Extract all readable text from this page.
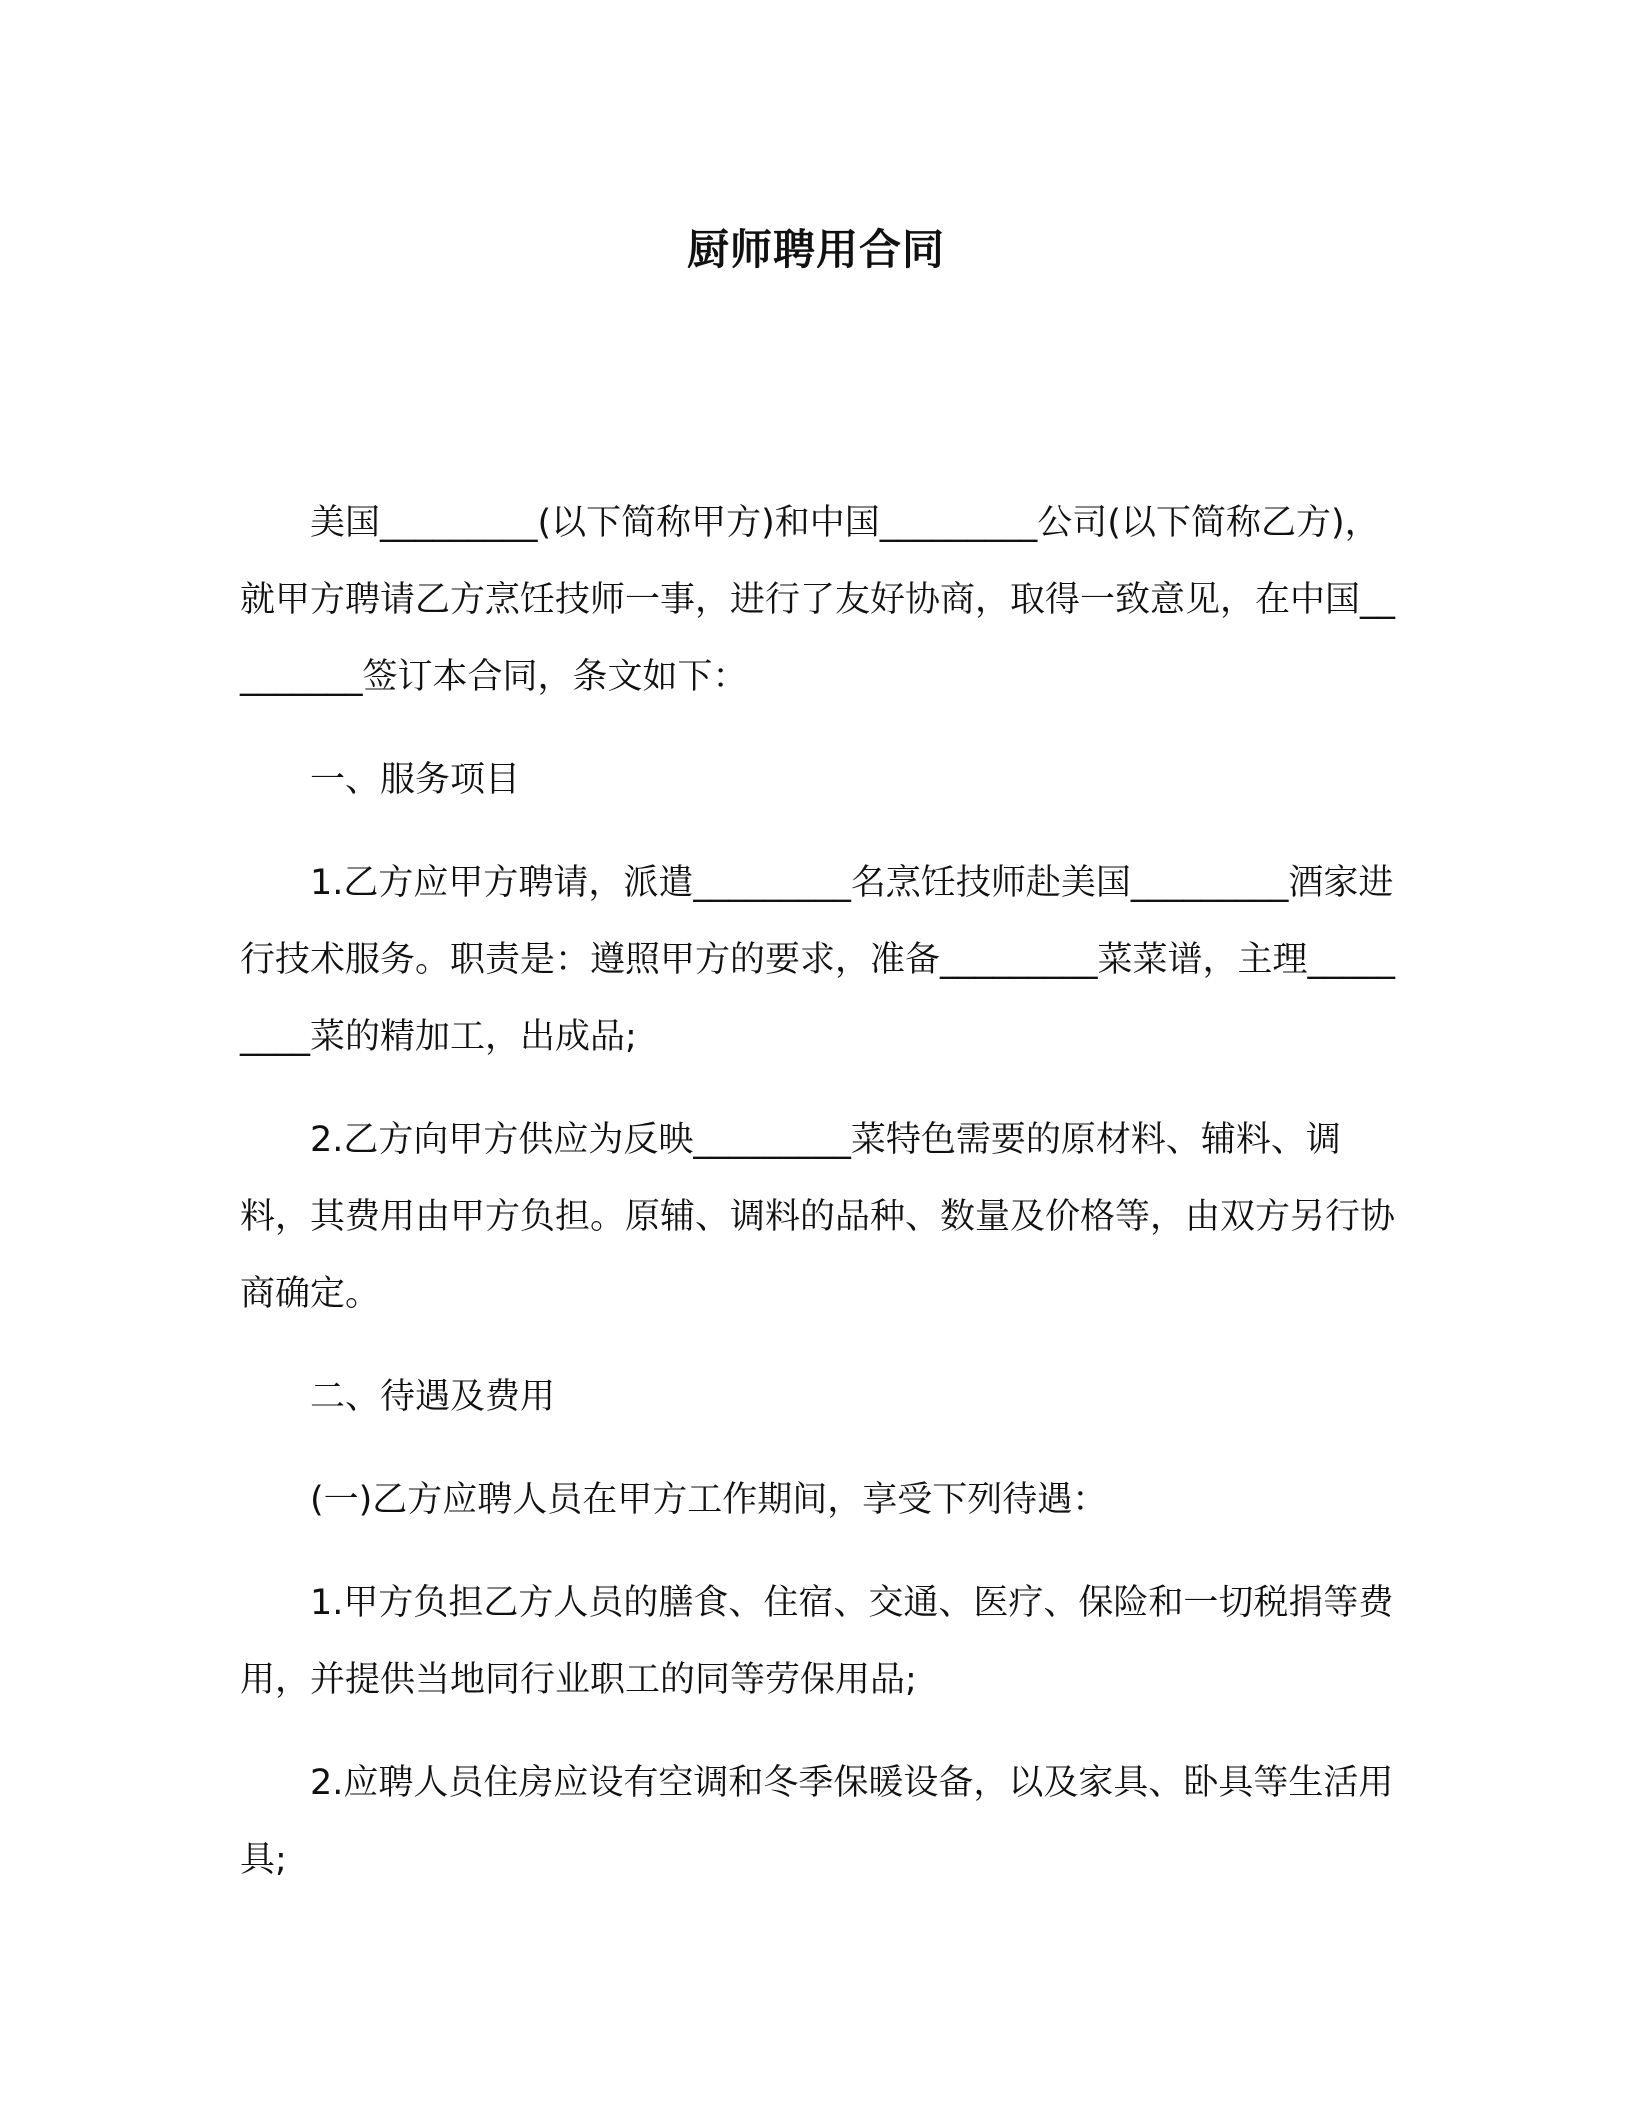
厨师聘用合同

美国_________(以下简称甲方)和中国_________公司(以下简称乙方)，就甲方聘请乙方烹饪技师一事，进行了友好协商，取得一致意见，在中国_________签订本合同，条文如下：

一、服务项目

1.乙方应甲方聘请，派遣_________名烹饪技师赴美国_________酒家进行技术服务。职责是：遵照甲方的要求，准备_________菜菜谱，主理_________菜的精加工，出成品;

2.乙方向甲方供应为反映_________菜特色需要的原材料、辅料、调料，其费用由甲方负担。原辅、调料的品种、数量及价格等，由双方另行协商确定。

二、待遇及费用

(一)乙方应聘人员在甲方工作期间，享受下列待遇：

1.甲方负担乙方人员的膳食、住宿、交通、医疗、保险和一切税捐等费用，并提供当地同行业职工的同等劳保用品;

2.应聘人员住房应设有空调和冬季保暖设备，以及家具、卧具等生活用具;
